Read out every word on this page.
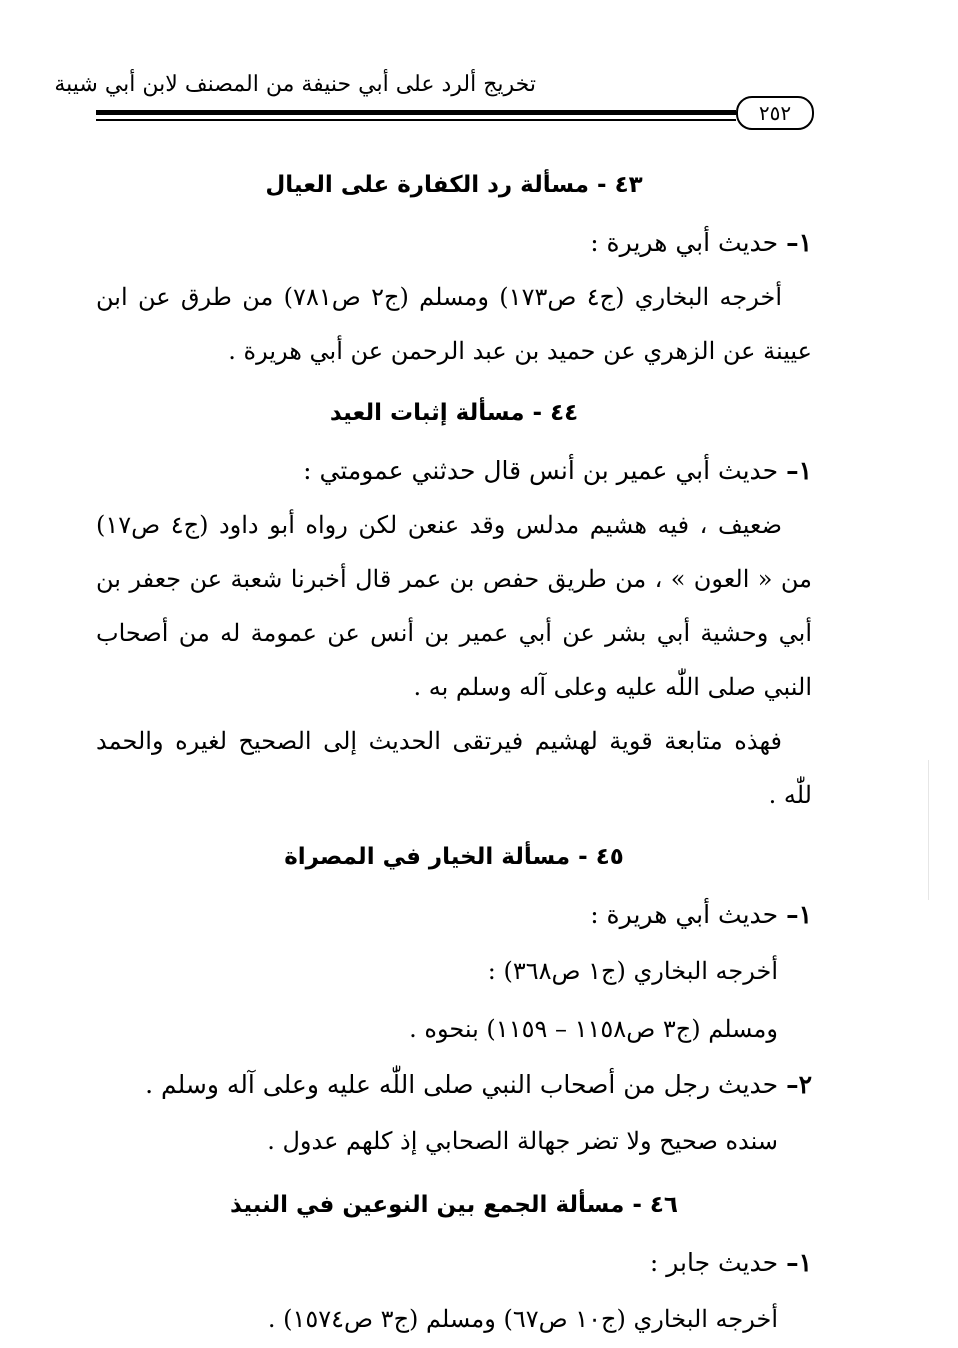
تخريج ألرد على أبي حنيفة من المصنف لابن أبي شيبة
٢٥٢
٤٣ - مسألة رد الكفارة على العيال
١– حديث أبي هريرة :

أخرجه البخاري (ج٤ ص١٧٣) ومسلم (ج٢ ص٧٨١) من طرق عن ابن عيينة عن الزهري عن حميد بن عبد الرحمن عن أبي هريرة .

٤٤ - مسألة إثبات العيد
١– حديث أبي عمير بن أنس قال حدثني عمومتي :

ضعيف ، فيه هشيم مدلس وقد عنعن لكن رواه أبو داود (ج٤ ص١٧) من « العون » ، من طريق حفص بن عمر قال أخبرنا شعبة عن جعفر بن أبي وحشية أبي بشر عن أبي عمير بن أنس عن عمومة له من أصحاب النبي صلى اللّٰه عليه وعلى آله وسلم به .

فهذه متابعة قوية لهشيم فيرتقى الحديث إلى الصحيح لغيره والحمد للّٰه .

٤٥ - مسألة الخيار في المصراة
١– حديث أبي هريرة :

أخرجه البخاري (ج١ ص٣٦٨) :

ومسلم (ج٣ ص١١٥٨ – ١١٥٩) بنحوه .

٢– حديث رجل من أصحاب النبي صلى اللّٰه عليه وعلى آله وسلم .

سنده صحيح ولا تضر جهالة الصحابي إذ كلهم عدول .

٤٦ - مسألة الجمع بين النوعين في النبيذ
١– حديث جابر :

أخرجه البخاري (ج١٠ ص٦٧) ومسلم (ج٣ ص١٥٧٤) .
